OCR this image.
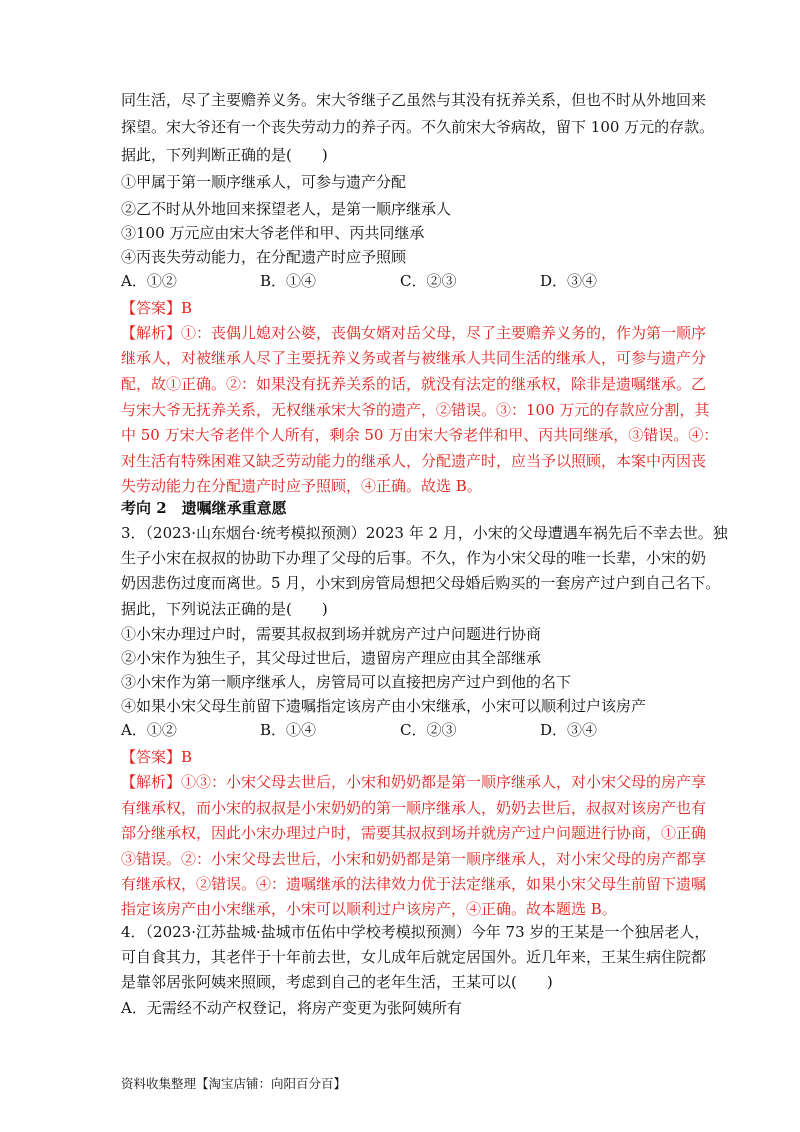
同生活，尽了主要赡养义务。宋大爷继子乙虽然与其没有抚养关系，但也不时从外地回来
探望。宋大爷还有一个丧失劳动力的养子丙。不久前宋大爷病故，留下 100 万元的存款。
据此，下列判断正确的是(　　)
①甲属于第一顺序继承人，可参与遗产分配
②乙不时从外地回来探望老人，是第一顺序继承人
③100 万元应由宋大爷老伴和甲、丙共同继承
④丙丧失劳动能力，在分配遗产时应予照顾
A．①②	B．①④	C．②③	D．③④
【答案】B
【解析】①：丧偶儿媳对公婆，丧偶女婿对岳父母，尽了主要赡养义务的，作为第一顺序
继承人，对被继承人尽了主要抚养义务或者与被继承人共同生活的继承人，可参与遗产分
配，故①正确。②：如果没有抚养关系的话，就没有法定的继承权，除非是遗嘱继承。乙
与宋大爷无抚养关系，无权继承宋大爷的遗产，②错误。③：100 万元的存款应分割，其
中 50 万宋大爷老伴个人所有，剩余 50 万由宋大爷老伴和甲、丙共同继承，③错误。④：
对生活有特殊困难又缺乏劳动能力的继承人，分配遗产时，应当予以照顾，本案中丙因丧
失劳动能力在分配遗产时应予照顾，④正确。故选 B。
考向 2　遗嘱继承重意愿
3．（2023·山东烟台·统考模拟预测）2023 年 2 月，小宋的父母遭遇车祸先后不幸去世。独
生子小宋在叔叔的协助下办理了父母的后事。不久，作为小宋父母的唯一长辈，小宋的奶
奶因悲伤过度而离世。5 月，小宋到房管局想把父母婚后购买的一套房产过户到自己名下。
据此，下列说法正确的是(　　)
①小宋办理过户时，需要其叔叔到场并就房产过户问题进行协商
②小宋作为独生子，其父母过世后，遗留房产理应由其全部继承
③小宋作为第一顺序继承人，房管局可以直接把房产过户到他的名下
④如果小宋父母生前留下遗嘱指定该房产由小宋继承，小宋可以顺利过户该房产
A．①②	B．①④	C．②③	D．③④
【答案】B
【解析】①③：小宋父母去世后，小宋和奶奶都是第一顺序继承人，对小宋父母的房产享
有继承权，而小宋的叔叔是小宋奶奶的第一顺序继承人，奶奶去世后，叔叔对该房产也有
部分继承权，因此小宋办理过户时，需要其叔叔到场并就房产过户问题进行协商，①正确
③错误。②：小宋父母去世后，小宋和奶奶都是第一顺序继承人，对小宋父母的房产都享
有继承权，②错误。④：遗嘱继承的法律效力优于法定继承，如果小宋父母生前留下遗嘱
指定该房产由小宋继承，小宋可以顺利过户该房产，④正确。故本题选 B。
4．（2023·江苏盐城·盐城市伍佑中学校考模拟预测）今年 73 岁的王某是一个独居老人，
可自食其力，其老伴于十年前去世，女儿成年后就定居国外。近几年来，王某生病住院都
是靠邻居张阿姨来照顾，考虑到自己的老年生活，王某可以(　　)
A．无需经不动产权登记，将房产变更为张阿姨所有
资料收集整理【淘宝店铺：向阳百分百】
